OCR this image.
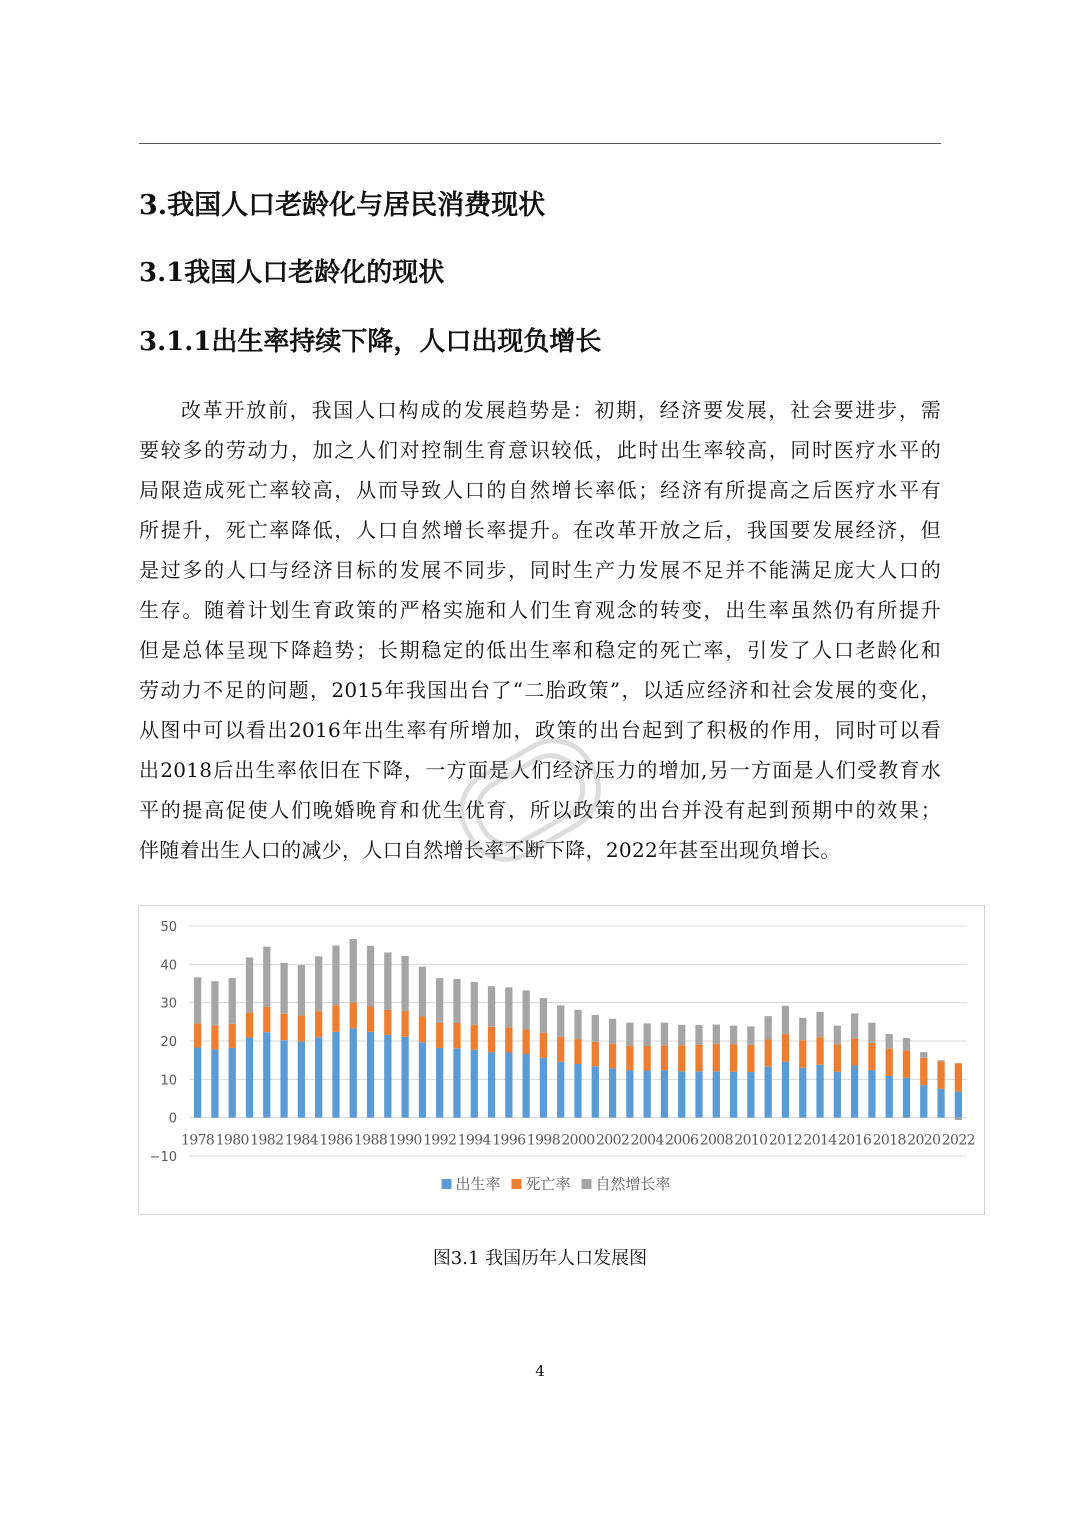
3.我国人口老龄化与居民消费现状
3.1我国人口老龄化的现状
3.1.1出生率持续下降，人口出现负增长
改革开放前，我国人口构成的发展趋势是：初期，经济要发展，社会要进步，需
要较多的劳动力，加之人们对控制生育意识较低，此时出生率较高，同时医疗水平的
局限造成死亡率较高，从而导致人口的自然增长率低；经济有所提高之后医疗水平有
所提升，死亡率降低，人口自然增长率提升。在改革开放之后，我国要发展经济，但
是过多的人口与经济目标的发展不同步，同时生产力发展不足并不能满足庞大人口的
生存。随着计划生育政策的严格实施和人们生育观念的转变，出生率虽然仍有所提升
但是总体呈现下降趋势；长期稳定的低出生率和稳定的死亡率，引发了人口老龄化和
劳动力不足的问题，2015年我国出台了“二胎政策”，以适应经济和社会发展的变化，
从图中可以看出2016年出生率有所增加，政策的出台起到了积极的作用，同时可以看
出2018后出生率依旧在下降，一方面是人们经济压力的增加,另一方面是人们受教育水
平的提高促使人们晚婚晚育和优生优育，所以政策的出台并没有起到预期中的效果；
伴随着出生人口的减少，人口自然增长率不断下降，2022年甚至出现负增长。
−10
0
10
20
30
40
50
1978 1980 1982 1984 1986 1988 1990 1992 1994 1996 1998 2000 2002 2004 2006 2008 2010 2012 2014 2016 2018 2020 2022
出生率 死亡率 自然增长率
图3.1 我国历年人口发展图
4
